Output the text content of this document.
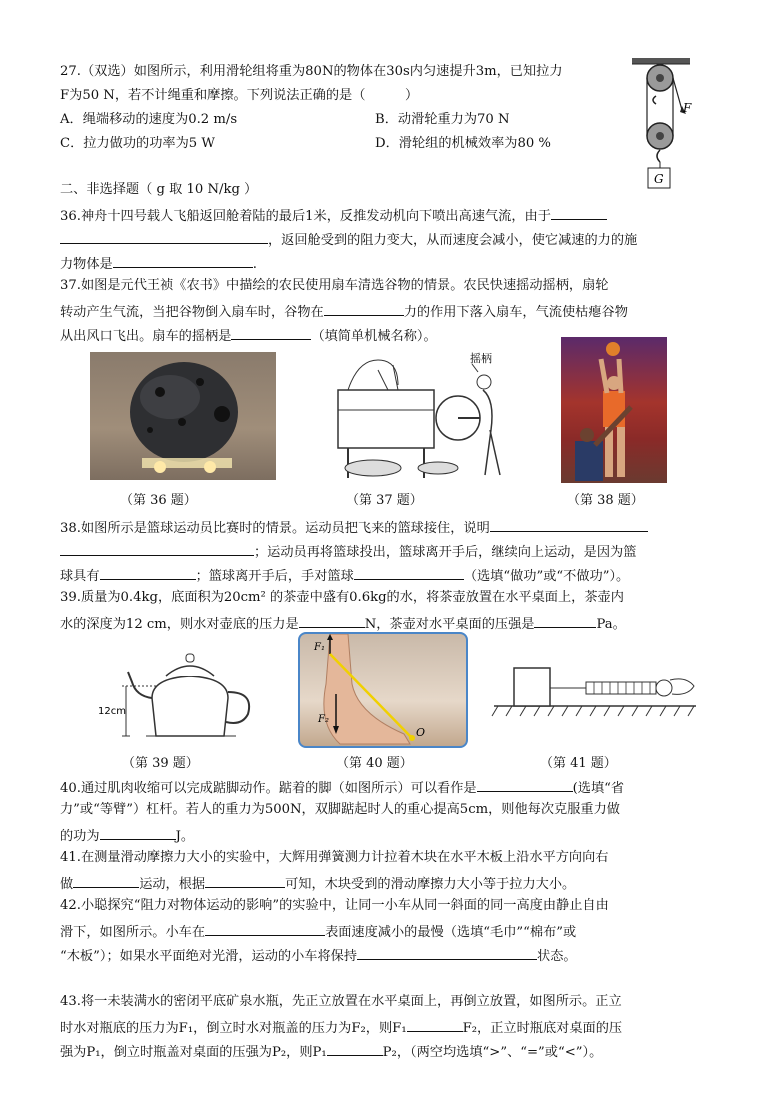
27.（双选）如图所示，利用滑轮组将重为80N的物体在30s内匀速提升3m，已知拉力
F为50 N，若不计绳重和摩擦。下列说法正确的是（　　　）
A．绳端移动的速度为0.2 m/s	B．动滑轮重力为70 N
C．拉力做功的功率为5 W	D．滑轮组的机械效率为80 %
F
G
二、非选择题（ g 取 10 N/kg ）
36.神舟十四号载人飞船返回舱着陆的最后1米，反推发动机向下喷出高速气流，由于
，返回舱受到的阻力变大，从而速度会减小，使它减速的力的施
力物体是	.
37.如图是元代王祯《农书》中描绘的农民使用扇车清选谷物的情景。农民快速摇动摇柄，扇轮
转动产生气流，当把谷物倒入扇车时，谷物在	力的作用下落入扇车，气流使枯瘪谷物
从出风口飞出。扇车的摇柄是	（填简单机械名称）。
（第 36 题）
摇柄
（第 37 题）	（第 38 题）
38.如图所示是篮球运动员比赛时的情景。运动员把飞来的篮球接住，说明
；运动员再将篮球投出，篮球离开手后，继续向上运动，是因为篮
球具有	；篮球离开手后，手对篮球	（选填“做功”或“不做功”）。
39.质量为0.4kg，底面积为20cm² 的茶壶中盛有0.6kg的水，将茶壶放置在水平桌面上，茶壶内
水的深度为12 cm，则水对壶底的压力是	N，茶壶对水平桌面的压强是	Pa。
12cm
（第 39 题）
F₁
F₂
O
（第 40 题）	（第 41 题）
40.通过肌肉收缩可以完成踮脚动作。踮着的脚（如图所示）可以看作是	(选填“省
力”或“等臂”）杠杆。若人的重力为500N，双脚踮起时人的重心提高5cm，则他每次克服重力做
的功为	J。
41.在测量滑动摩擦力大小的实验中，大辉用弹簧测力计拉着木块在水平木板上沿水平方向向右
做	运动，根据	可知，木块受到的滑动摩擦力大小等于拉力大小。
42.小聪探究“阻力对物体运动的影响”的实验中，让同一小车从同一斜面的同一高度由静止自由
滑下，如图所示。小车在	表面速度减小的最慢（选填“毛巾”“棉布”或
“木板”）；如果水平面绝对光滑，运动的小车将保持	状态。
43.将一未装满水的密闭平底矿泉水瓶，先正立放置在水平桌面上，再倒立放置，如图所示。正立
时水对瓶底的压力为F₁，倒立时水对瓶盖的压力为F₂，则F₁	F₂，正立时瓶底对桌面的压
强为P₁，倒立时瓶盖对桌面的压强为P₂，则P₁	P₂，（两空均选填“>”、“=”或“<”）。
